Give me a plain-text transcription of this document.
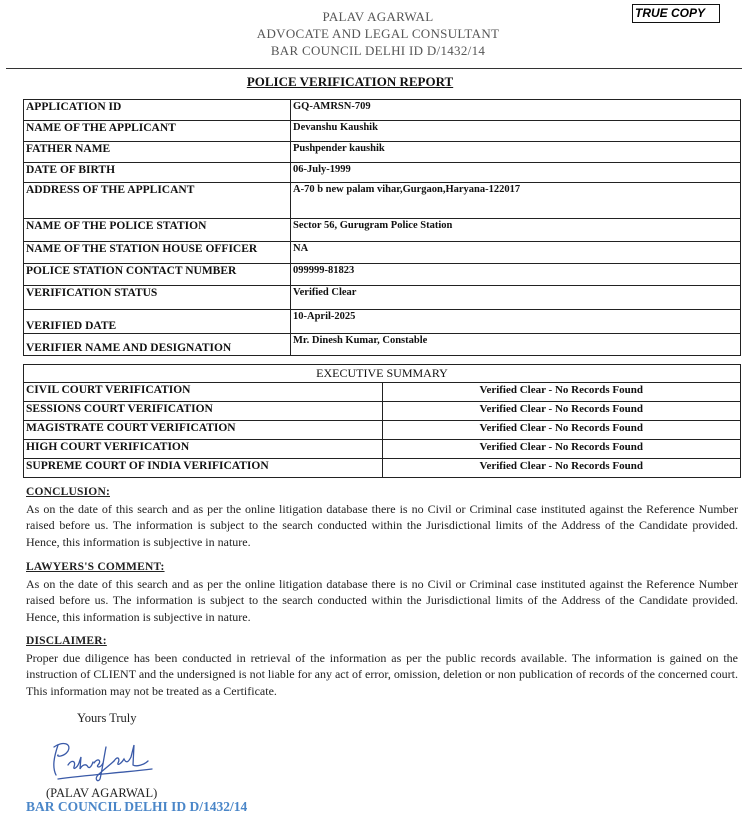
PALAV AGARWAL
ADVOCATE AND LEGAL CONSULTANT
BAR COUNCIL DELHI ID D/1432/14
TRUE COPY
POLICE VERIFICATION REPORT
APPLICATION ID	GQ-AMRSN-709
NAME OF THE APPLICANT	Devanshu Kaushik
FATHER NAME	Pushpender kaushik
DATE OF BIRTH	06-July-1999
ADDRESS OF THE APPLICANT	A-70 b new palam vihar,Gurgaon,Haryana-122017
NAME OF THE POLICE STATION	Sector 56, Gurugram Police Station
NAME OF THE STATION HOUSE OFFICER	NA
POLICE STATION CONTACT NUMBER	099999-81823
VERIFICATION STATUS	Verified Clear
VERIFIED DATE	10-April-2025
VERIFIER NAME AND DESIGNATION	Mr. Dinesh Kumar, Constable
EXECUTIVE SUMMARY	
CIVIL COURT VERIFICATION	Verified Clear - No Records Found
SESSIONS COURT VERIFICATION	Verified Clear - No Records Found
MAGISTRATE COURT VERIFICATION	Verified Clear - No Records Found
HIGH COURT VERIFICATION	Verified Clear - No Records Found
SUPREME COURT OF INDIA VERIFICATION	Verified Clear - No Records Found
CONCLUSION:
As on the date of this search and as per the online litigation database there is no Civil or Criminal case instituted against the Reference Number raised before us. The information is subject to the search conducted within the Jurisdictional limits of the Address of the Candidate provided. Hence, this information is subjective in nature.
LAWYERS'S COMMENT:
As on the date of this search and as per the online litigation database there is no Civil or Criminal case instituted against the Reference Number raised before us. The information is subject to the search conducted within the Jurisdictional limits of the Address of the Candidate provided. Hence, this information is subjective in nature.
DISCLAIMER:
Proper due diligence has been conducted in retrieval of the information as per the public records available. The information is gained on the instruction of CLIENT and the undersigned is not liable for any act of error, omission, deletion or non publication of records of the concerned court. This information may not be treated as a Certificate.
Yours Truly
(PALAV AGARWAL)
BAR COUNCIL DELHI ID D/1432/14
